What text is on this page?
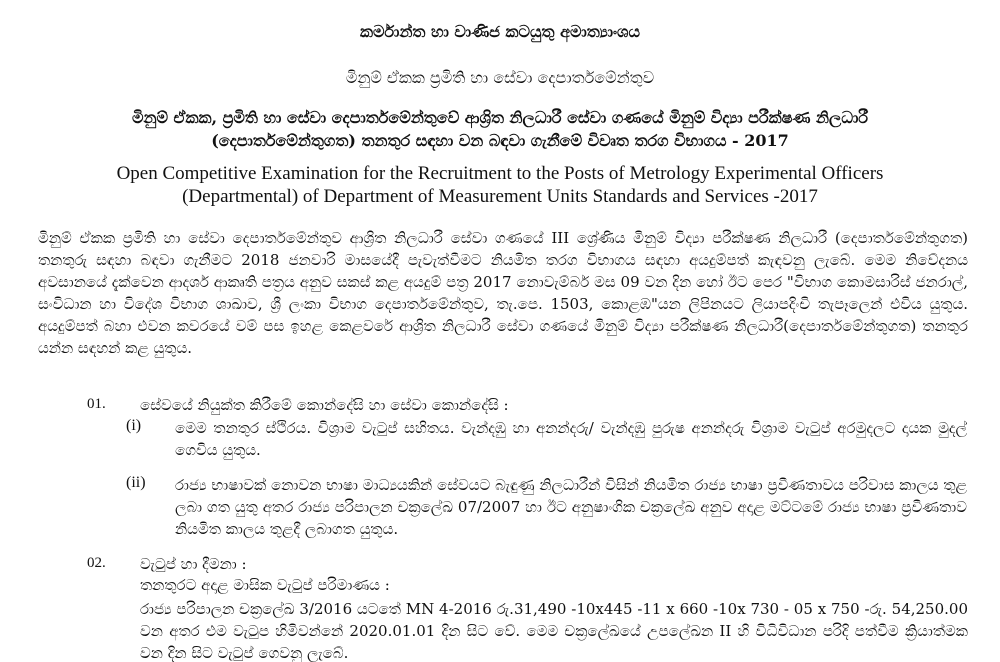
කර්මාන්ත හා වාණිජ කටයුතු අමාත්‍යාංශය
මිනුම් ඒකක ප්‍රමිති හා සේවා දෙපාර්තමේන්තුව
මිනුම් ඒකක, ප්‍රමිති හා සේවා දෙපාර්තමේන්තුවේ ආශ්‍රිත නිලධාරී සේවා ගණයේ මිනුම් විද්‍යා පරීක්ෂණ නිලධාරී
(දෙපාර්තමේන්තුගත) තනතුර සඳහා වන බඳවා ගැනීමේ විවෘත තරග විභාගය - 2017
Open Competitive Examination for the Recruitment to the Posts of Metrology Experimental Officers
(Departmental) of Department of Measurement Units Standards and Services -2017
මිනුම් ඒකක ප්‍රමිති හා සේවා දෙපාර්තමේන්තුව ආශ්‍රිත නිලධාරී සේවා ගණයේ III ශ්‍රේණිය මිනුම් විද්‍යා පරීක්ෂණ නිලධාරී (දෙපාර්තමේන්තුගත) තනතුරු සඳහා බඳවා ගැනීමට 2018 ජනවාරි මාසයේදී පැවැත්වීමට නියමිත තරග විභාගය සඳහා අයදුම්පත් කැඳවනු ලැබේ. මෙම නිවේදනය අවසානයේ දැක්වෙන ආදර්ශ ආකෘති පත්‍රය අනුව සකස් කළ අයදුම් පත්‍ර 2017 නොවැම්බර් මස 09 වන දින හෝ ඊට පෙර "විභාග කොමසාරිස් ජනරාල්, සංවිධාන හා විදේශ විභාග ශාඛාව, ශ්‍රී ලංකා විභාග දෙපාර්තමේන්තුව, තැ.පෙ. 1503, කොළඹ"යන ලිපිනයට ලියාපදිංචි තැපෑලෙන් එවිය යුතුය. අයදුම්පත් බහා එවන කවරයේ වම් පස ඉහළ කෙළවරේ ආශ්‍රිත නිලධාරී සේවා ගණයේ මිනුම් විද්‍යා පරීක්ෂණ නිලධාරී(දෙපාර්තමේන්තුගත) තනතුර යන්න සඳහන් කළ යුතුය.
01. සේවයේ නියුක්ත කිරීමේ කොන්දේසි හා සේවා කොන්දේසි :
(i) මෙම තනතුර ස්ථිරය. විශ්‍රාම වැටුප් සහිතය. වැන්දඹු හා අනන්දරු/ වැන්දඹු පුරුෂ අනන්දරු විශ්‍රාම වැටුප් අරමුදලට දායක මුදල් ගෙවිය යුතුය.
(ii) රාජ්‍ය භාෂාවක් නොවන භාෂා මාධ්‍යයකින් සේවයට බැඳුණු නිලධාරීන් විසින් නියමිත රාජ්‍ය භාෂා ප්‍රවීණතාවය පරිවාස කාලය තුළ ලබා ගත යුතු අතර රාජ්‍ය පරිපාලන චක්‍රලේඛ 07/2007 හා ඊට අනුෂාංගික චක්‍රලේඛ අනුව අදාළ මට්ටමේ රාජ්‍ය භාෂා ප්‍රවීණතාව නියමිත කාලය තුළදී ලබාගත යුතුය.
02. වැටුප් හා දීමනා :
තනතුරට අදාළ මාසික වැටුප් පරිමාණය :
රාජ්‍ය පරිපාලන චක්‍රලේඛ 3/2016 යටතේ MN 4-2016 රු.31,490 -10x445 -11 x 660 -10x 730 - 05 x 750 -රු. 54,250.00 වන අතර එම වැටුප හිමිවන්නේ 2020.01.01 දින සිට වේ. මෙම චක්‍රලේඛයේ උපලේඛන II හි විධිවිධාන පරිදි පත්වීම ක්‍රියාත්මක වන දින සිට වැටුප් ගෙවනු ලැබේ.
